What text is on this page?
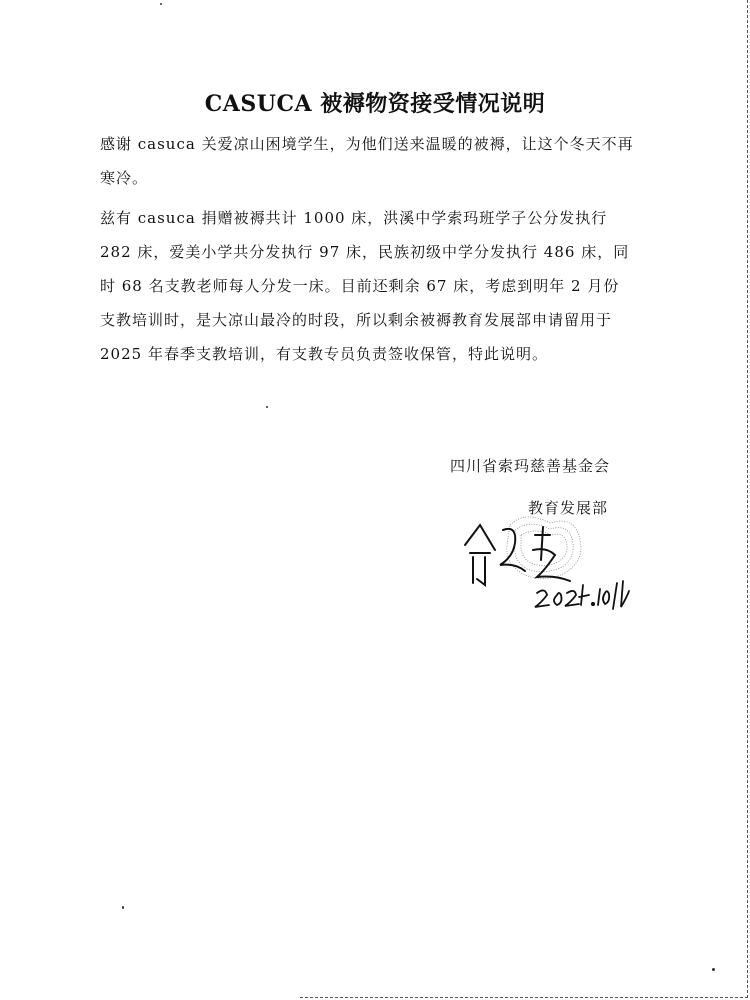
CASUCA 被褥物资接受情况说明

感谢 casuca 关爱凉山困境学生，为他们送来温暖的被褥，让这个冬天不再寒冷。

兹有 casuca 捐赠被褥共计 1000 床，洪溪中学索玛班学子公分发执行 282 床，爱美小学共分发执行 97 床，民族初级中学分发执行 486 床，同时 68 名支教老师每人分发一床。目前还剩余 67 床，考虑到明年 2 月份支教培训时，是大凉山最冷的时段，所以剩余被褥教育发展部申请留用于 2025 年春季支教培训，有支教专员负责签收保管，特此说明。

四川省索玛慈善基金会
教育发展部
